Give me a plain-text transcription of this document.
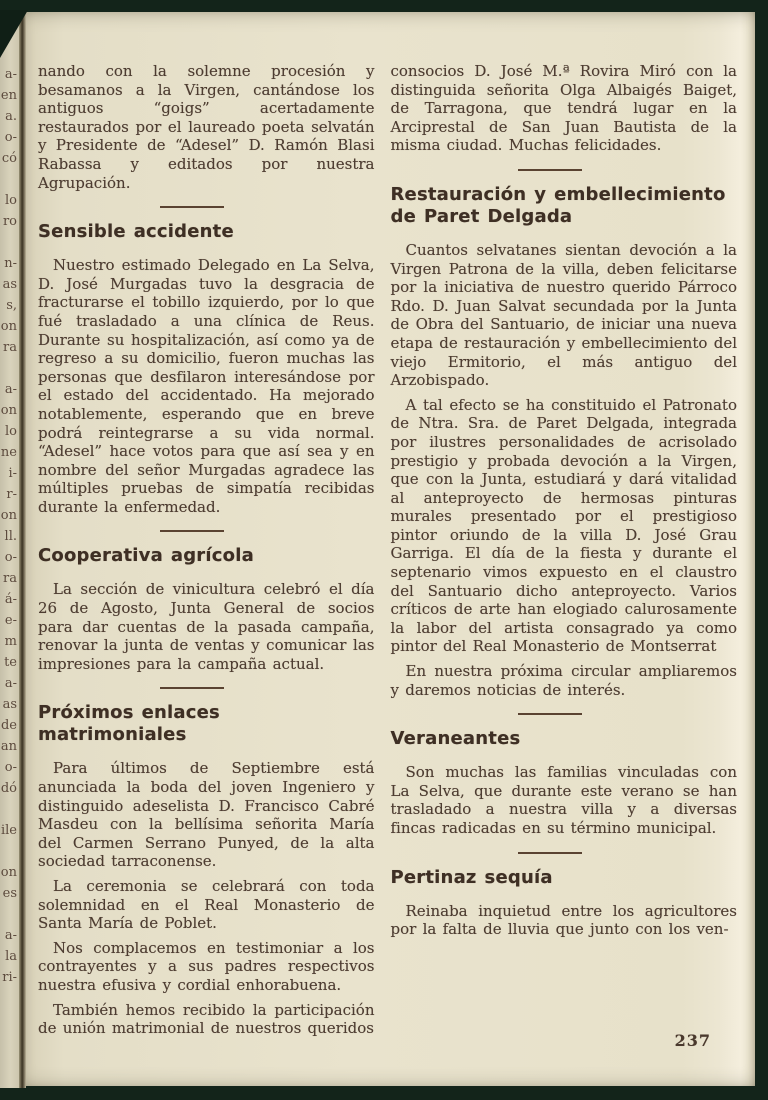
a-
en
a.
o-
có
lo
ro
n-
as
s,
on
ra
a-
on
lo
ne
i-
r-
on
ll.
o-
ra
á-
e-
m
te
a-
as
de
an
o-
dó
ile
on
es
a-
la
ri-

nando con la solemne procesión y besamanos a la Virgen, cantándose los antiguos “goigs” acertadamente restaurados por el laureado poeta selvatán y Presidente de “Adesel” D. Ramón Blasi Rabassa y editados por nuestra Agrupación.

Sensible accidente

Nuestro estimado Delegado en La Selva, D. José Murgadas tuvo la desgracia de fracturarse el tobillo izquierdo, por lo que fué trasladado a una clínica de Reus. Durante su hospitalización, así como ya de regreso a su domicilio, fueron muchas las personas que desfilaron interesándose por el estado del accidentado. Ha mejorado notablemente, esperando que en breve podrá reintegrarse a su vida normal. “Adesel” hace votos para que así sea y en nombre del señor Murgadas agradece las múltiples pruebas de simpatía recibidas durante la enfermedad.

Cooperativa agrícola

La sección de vinicultura celebró el día 26 de Agosto, Junta General de socios para dar cuentas de la pasada campaña, renovar la junta de ventas y comunicar las impresiones para la campaña actual.

Próximos enlaces matrimoniales

Para últimos de Septiembre está anunciada la boda del joven Ingeniero y distinguido adeselista D. Francisco Cabré Masdeu con la bellísima señorita María del Carmen Serrano Punyed, de la alta sociedad tarraconense.

La ceremonia se celebrará con toda solemnidad en el Real Monasterio de Santa María de Poblet.

Nos complacemos en testimoniar a los contrayentes y a sus padres respectivos nuestra efusiva y cordial enhorabuena.

También hemos recibido la participación de unión matrimonial de nuestros queridos

consocios D. José M.ª Rovira Miró con la distinguida señorita Olga Albaigés Baiget, de Tarragona, que tendrá lugar en la Arciprestal de San Juan Bautista de la misma ciudad. Muchas felicidades.

Restauración y embellecimiento de Paret Delgada

Cuantos selvatanes sientan devoción a la Virgen Patrona de la villa, deben felicitarse por la iniciativa de nuestro querido Párroco Rdo. D. Juan Salvat secundada por la Junta de Obra del Santuario, de iniciar una nueva etapa de restauración y embellecimiento del viejo Ermitorio, el más antiguo del Arzobispado.

A tal efecto se ha constituido el Patronato de Ntra. Sra. de Paret Delgada, integrada por ilustres personalidades de acrisolado prestigio y probada devoción a la Virgen, que con la Junta, estudiará y dará vitalidad al anteproyecto de hermosas pinturas murales presentado por el prestigioso pintor oriundo de la villa D. José Grau Garriga. El día de la fiesta y durante el septenario vimos expuesto en el claustro del Santuario dicho anteproyecto. Varios críticos de arte han elogiado calurosamente la labor del artista consagrado ya como pintor del Real Monasterio de Montserrat

En nuestra próxima circular ampliaremos y daremos noticias de interés.

Veraneantes

Son muchas las familias vinculadas con La Selva, que durante este verano se han trasladado a nuestra villa y a diversas fincas radicadas en su término municipal.

Pertinaz sequía

Reinaba inquietud entre los agricultores por la falta de lluvia que junto con los ven-

237
